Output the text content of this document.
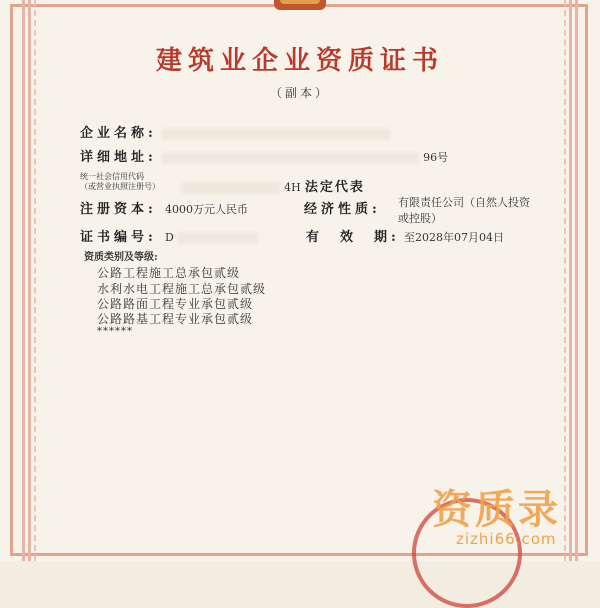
建筑业企业资质证书
（副本）
企业名称:
详细地址:	96号
统一社会信用代码
（或营业执照注册号）	4H 法定代表
注册资本: 4000万元人民币	经济性质: 有限责任公司（自然人投资
或控股）
证书编号: D	有　效　期: 至2028年07月04日
资质类别及等级:
公路工程施工总承包贰级
水利水电工程施工总承包贰级
公路路面工程专业承包贰级
公路路基工程专业承包贰级
******
资质录
zizhi66.com
